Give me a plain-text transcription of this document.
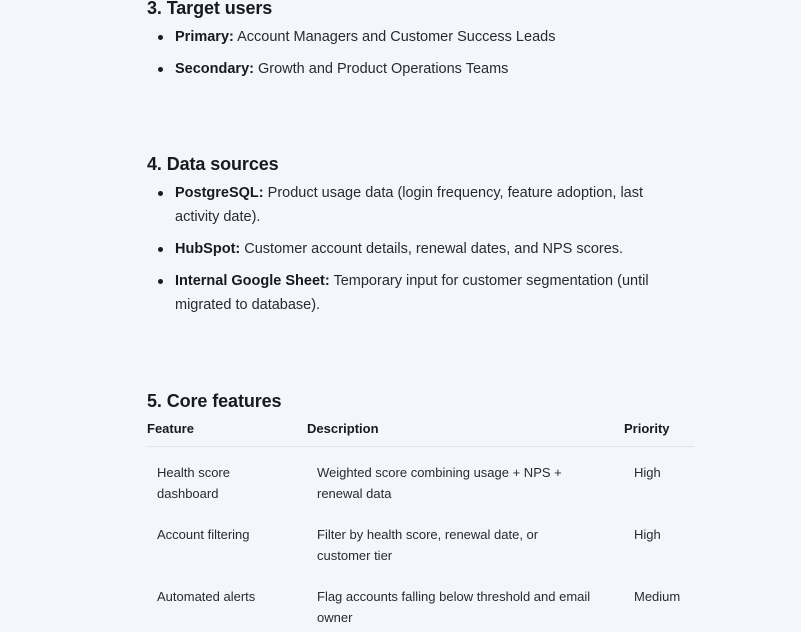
3. Target users
Primary: Account Managers and Customer Success Leads
Secondary: Growth and Product Operations Teams
4. Data sources
PostgreSQL: Product usage data (login frequency, feature adoption, last activity date).
HubSpot: Customer account details, renewal dates, and NPS scores.
Internal Google Sheet: Temporary input for customer segmentation (until migrated to database).
5. Core features
Feature	Description	Priority

Health score dashboard	Weighted score combining usage + NPS + renewal data	High

Account filtering	Filter by health score, renewal date, or customer tier	High

Automated alerts	Flag accounts falling below threshold and email owner	Medium
